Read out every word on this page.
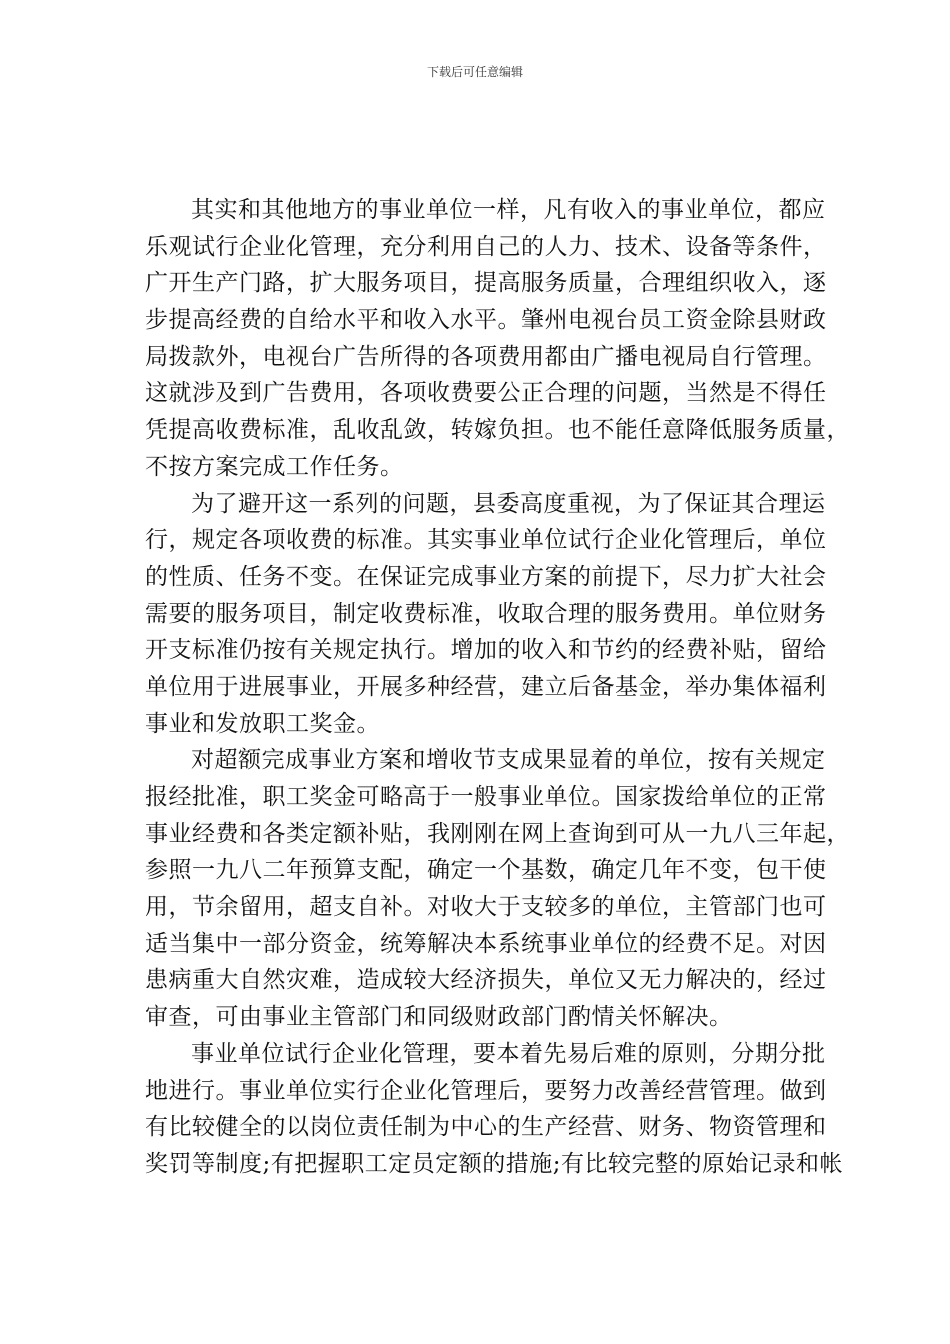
下载后可任意编辑
其实和其他地方的事业单位一样，凡有收入的事业单位，都应
乐观试行企业化管理，充分利用自己的人力、技术、设备等条件，
广开生产门路，扩大服务项目，提高服务质量，合理组织收入，逐
步提高经费的自给水平和收入水平。肇州电视台员工资金除县财政
局拨款外，电视台广告所得的各项费用都由广播电视局自行管理。
这就涉及到广告费用，各项收费要公正合理的问题，当然是不得任
凭提高收费标准，乱收乱敛，转嫁负担。也不能任意降低服务质量，
不按方案完成工作任务。
为了避开这一系列的问题，县委高度重视，为了保证其合理运
行，规定各项收费的标准。其实事业单位试行企业化管理后，单位
的性质、任务不变。在保证完成事业方案的前提下，尽力扩大社会
需要的服务项目，制定收费标准，收取合理的服务费用。单位财务
开支标准仍按有关规定执行。增加的收入和节约的经费补贴，留给
单位用于进展事业，开展多种经营，建立后备基金，举办集体福利
事业和发放职工奖金。
对超额完成事业方案和增收节支成果显着的单位，按有关规定
报经批准，职工奖金可略高于一般事业单位。国家拨给单位的正常
事业经费和各类定额补贴，我刚刚在网上查询到可从一九八三年起，
参照一九八二年预算支配，确定一个基数，确定几年不变，包干使
用，节余留用，超支自补。对收大于支较多的单位，主管部门也可
适当集中一部分资金，统筹解决本系统事业单位的经费不足。对因
患病重大自然灾难，造成较大经济损失，单位又无力解决的，经过
审查，可由事业主管部门和同级财政部门酌情关怀解决。
事业单位试行企业化管理，要本着先易后难的原则，分期分批
地进行。事业单位实行企业化管理后，要努力改善经营管理。做到
有比较健全的以岗位责任制为中心的生产经营、财务、物资管理和
奖罚等制度;有把握职工定员定额的措施;有比较完整的原始记录和帐
